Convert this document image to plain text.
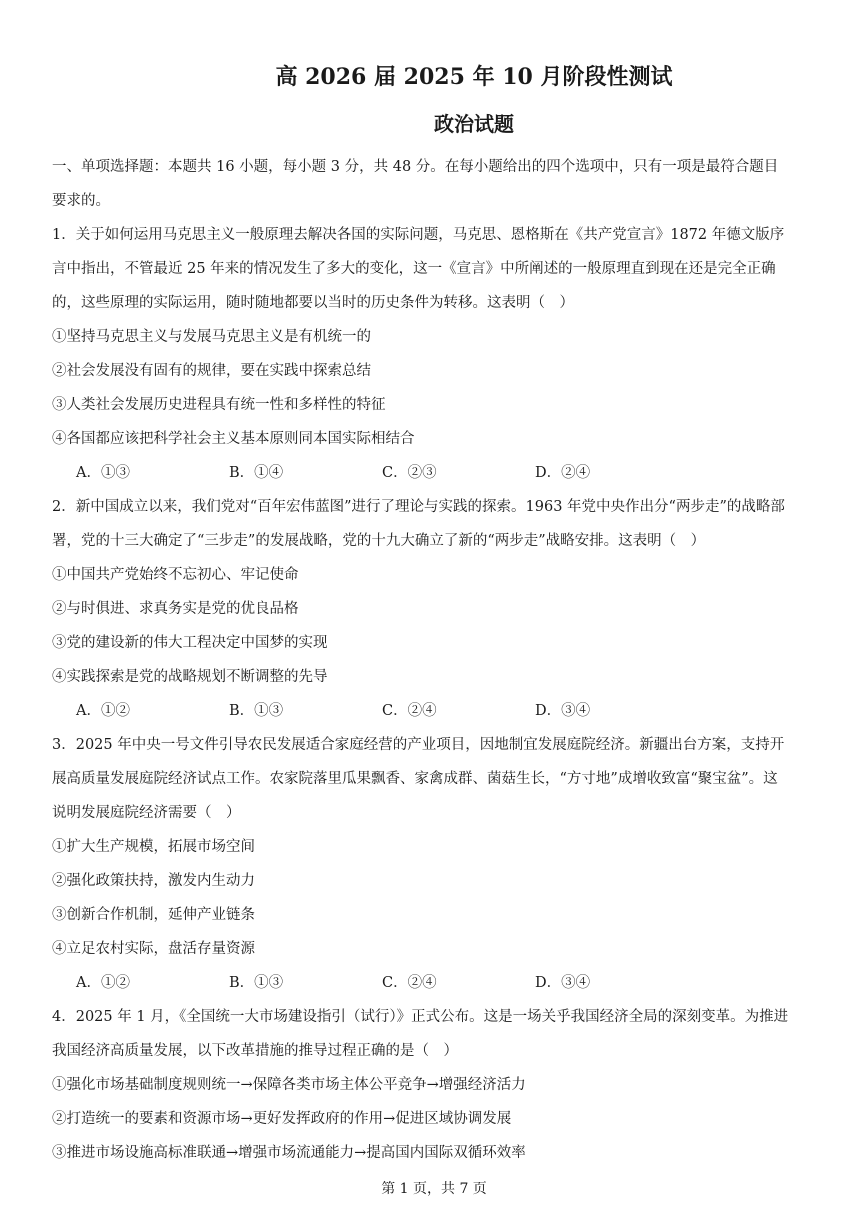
高 2026 届 2025 年 10 月阶段性测试
政治试题
一、单项选择题：本题共 16 小题，每小题 3 分，共 48 分。在每小题给出的四个选项中，只有一项是最符合题目
要求的。
1．关于如何运用马克思主义一般原理去解决各国的实际问题，马克思、恩格斯在《共产党宣言》1872 年德文版序
言中指出，不管最近 25 年来的情况发生了多大的变化，这一《宣言》中所阐述的一般原理直到现在还是完全正确
的，这些原理的实际运用，随时随地都要以当时的历史条件为转移。这表明（　）
①坚持马克思主义与发展马克思主义是有机统一的
②社会发展没有固有的规律，要在实践中探索总结
③人类社会发展历史进程具有统一性和多样性的特征
④各国都应该把科学社会主义基本原则同本国实际相结合
A．①③	B．①④	C．②③	D．②④
2．新中国成立以来，我们党对“百年宏伟蓝图”进行了理论与实践的探索。1963 年党中央作出分“两步走”的战略部
署，党的十三大确定了“三步走”的发展战略，党的十九大确立了新的“两步走”战略安排。这表明（　）
①中国共产党始终不忘初心、牢记使命
②与时俱进、求真务实是党的优良品格
③党的建设新的伟大工程决定中国梦的实现
④实践探索是党的战略规划不断调整的先导
A．①②	B．①③	C．②④	D．③④
3．2025 年中央一号文件引导农民发展适合家庭经营的产业项目，因地制宜发展庭院经济。新疆出台方案，支持开
展高质量发展庭院经济试点工作。农家院落里瓜果飘香、家禽成群、菌菇生长，“方寸地”成增收致富“聚宝盆”。这
说明发展庭院经济需要（　）
①扩大生产规模，拓展市场空间
②强化政策扶持，激发内生动力
③创新合作机制，延伸产业链条
④立足农村实际，盘活存量资源
A．①②	B．①③	C．②④	D．③④
4．2025 年 1 月，《全国统一大市场建设指引（试行）》正式公布。这是一场关乎我国经济全局的深刻变革。为推进
我国经济高质量发展，以下改革措施的推导过程正确的是（　）
①强化市场基础制度规则统一→保障各类市场主体公平竞争→增强经济活力
②打造统一的要素和资源市场→更好发挥政府的作用→促进区域协调发展
③推进市场设施高标准联通→增强市场流通能力→提高国内国际双循环效率
第 1 页，共 7 页
